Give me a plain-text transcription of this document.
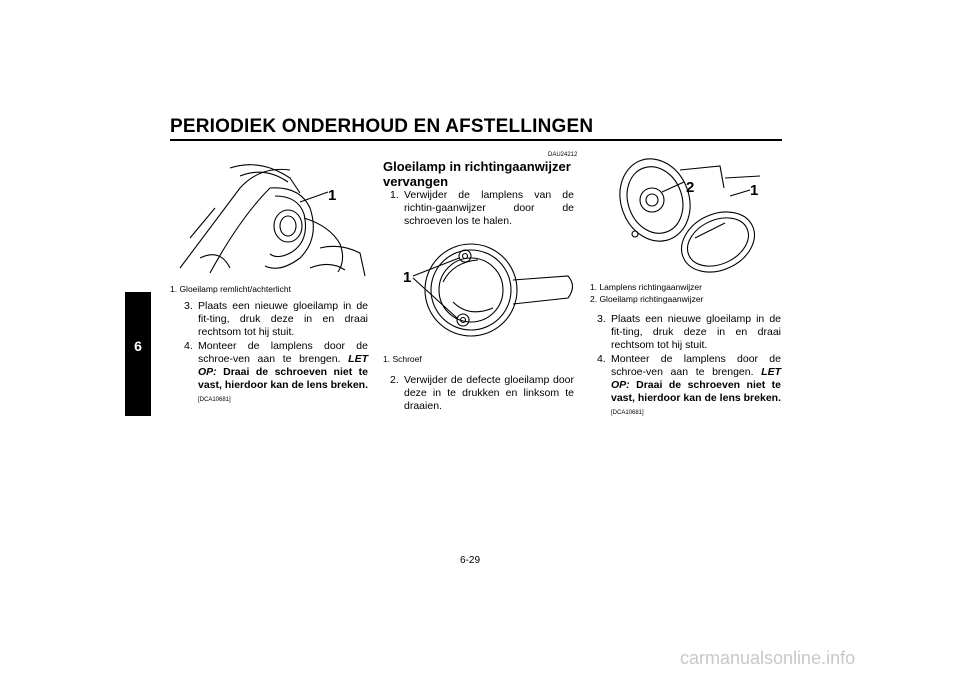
PERIODIEK ONDERHOUD EN AFSTELLINGEN
6
1
1. Gloeilamp remlicht/achterlicht
3. Plaats een nieuwe gloeilamp in de fit-ting, druk deze in en draai rechtsom tot hij stuit.
4. Monteer de lamplens door de schroe-ven aan te brengen. LET OP: Draai de schroeven niet te vast, hierdoor kan de lens breken. [DCA10681]
DAU24212
Gloeilamp in richtingaanwijzer
vervangen
1. Verwijder de lamplens van de richtin-gaanwijzer door de schroeven los te halen.
1
1. Schroef
2. Verwijder de defecte gloeilamp door deze in te drukken en linksom te draaien.
2	1
1. Lamplens richtingaanwijzer
2. Gloeilamp richtingaanwijzer
3. Plaats een nieuwe gloeilamp in de fit-ting, druk deze in en draai rechtsom tot hij stuit.
4. Monteer de lamplens door de schroe-ven aan te brengen. LET OP: Draai de schroeven niet te vast, hierdoor kan de lens breken. [DCA10681]
6-29
carmanualsonline.info
